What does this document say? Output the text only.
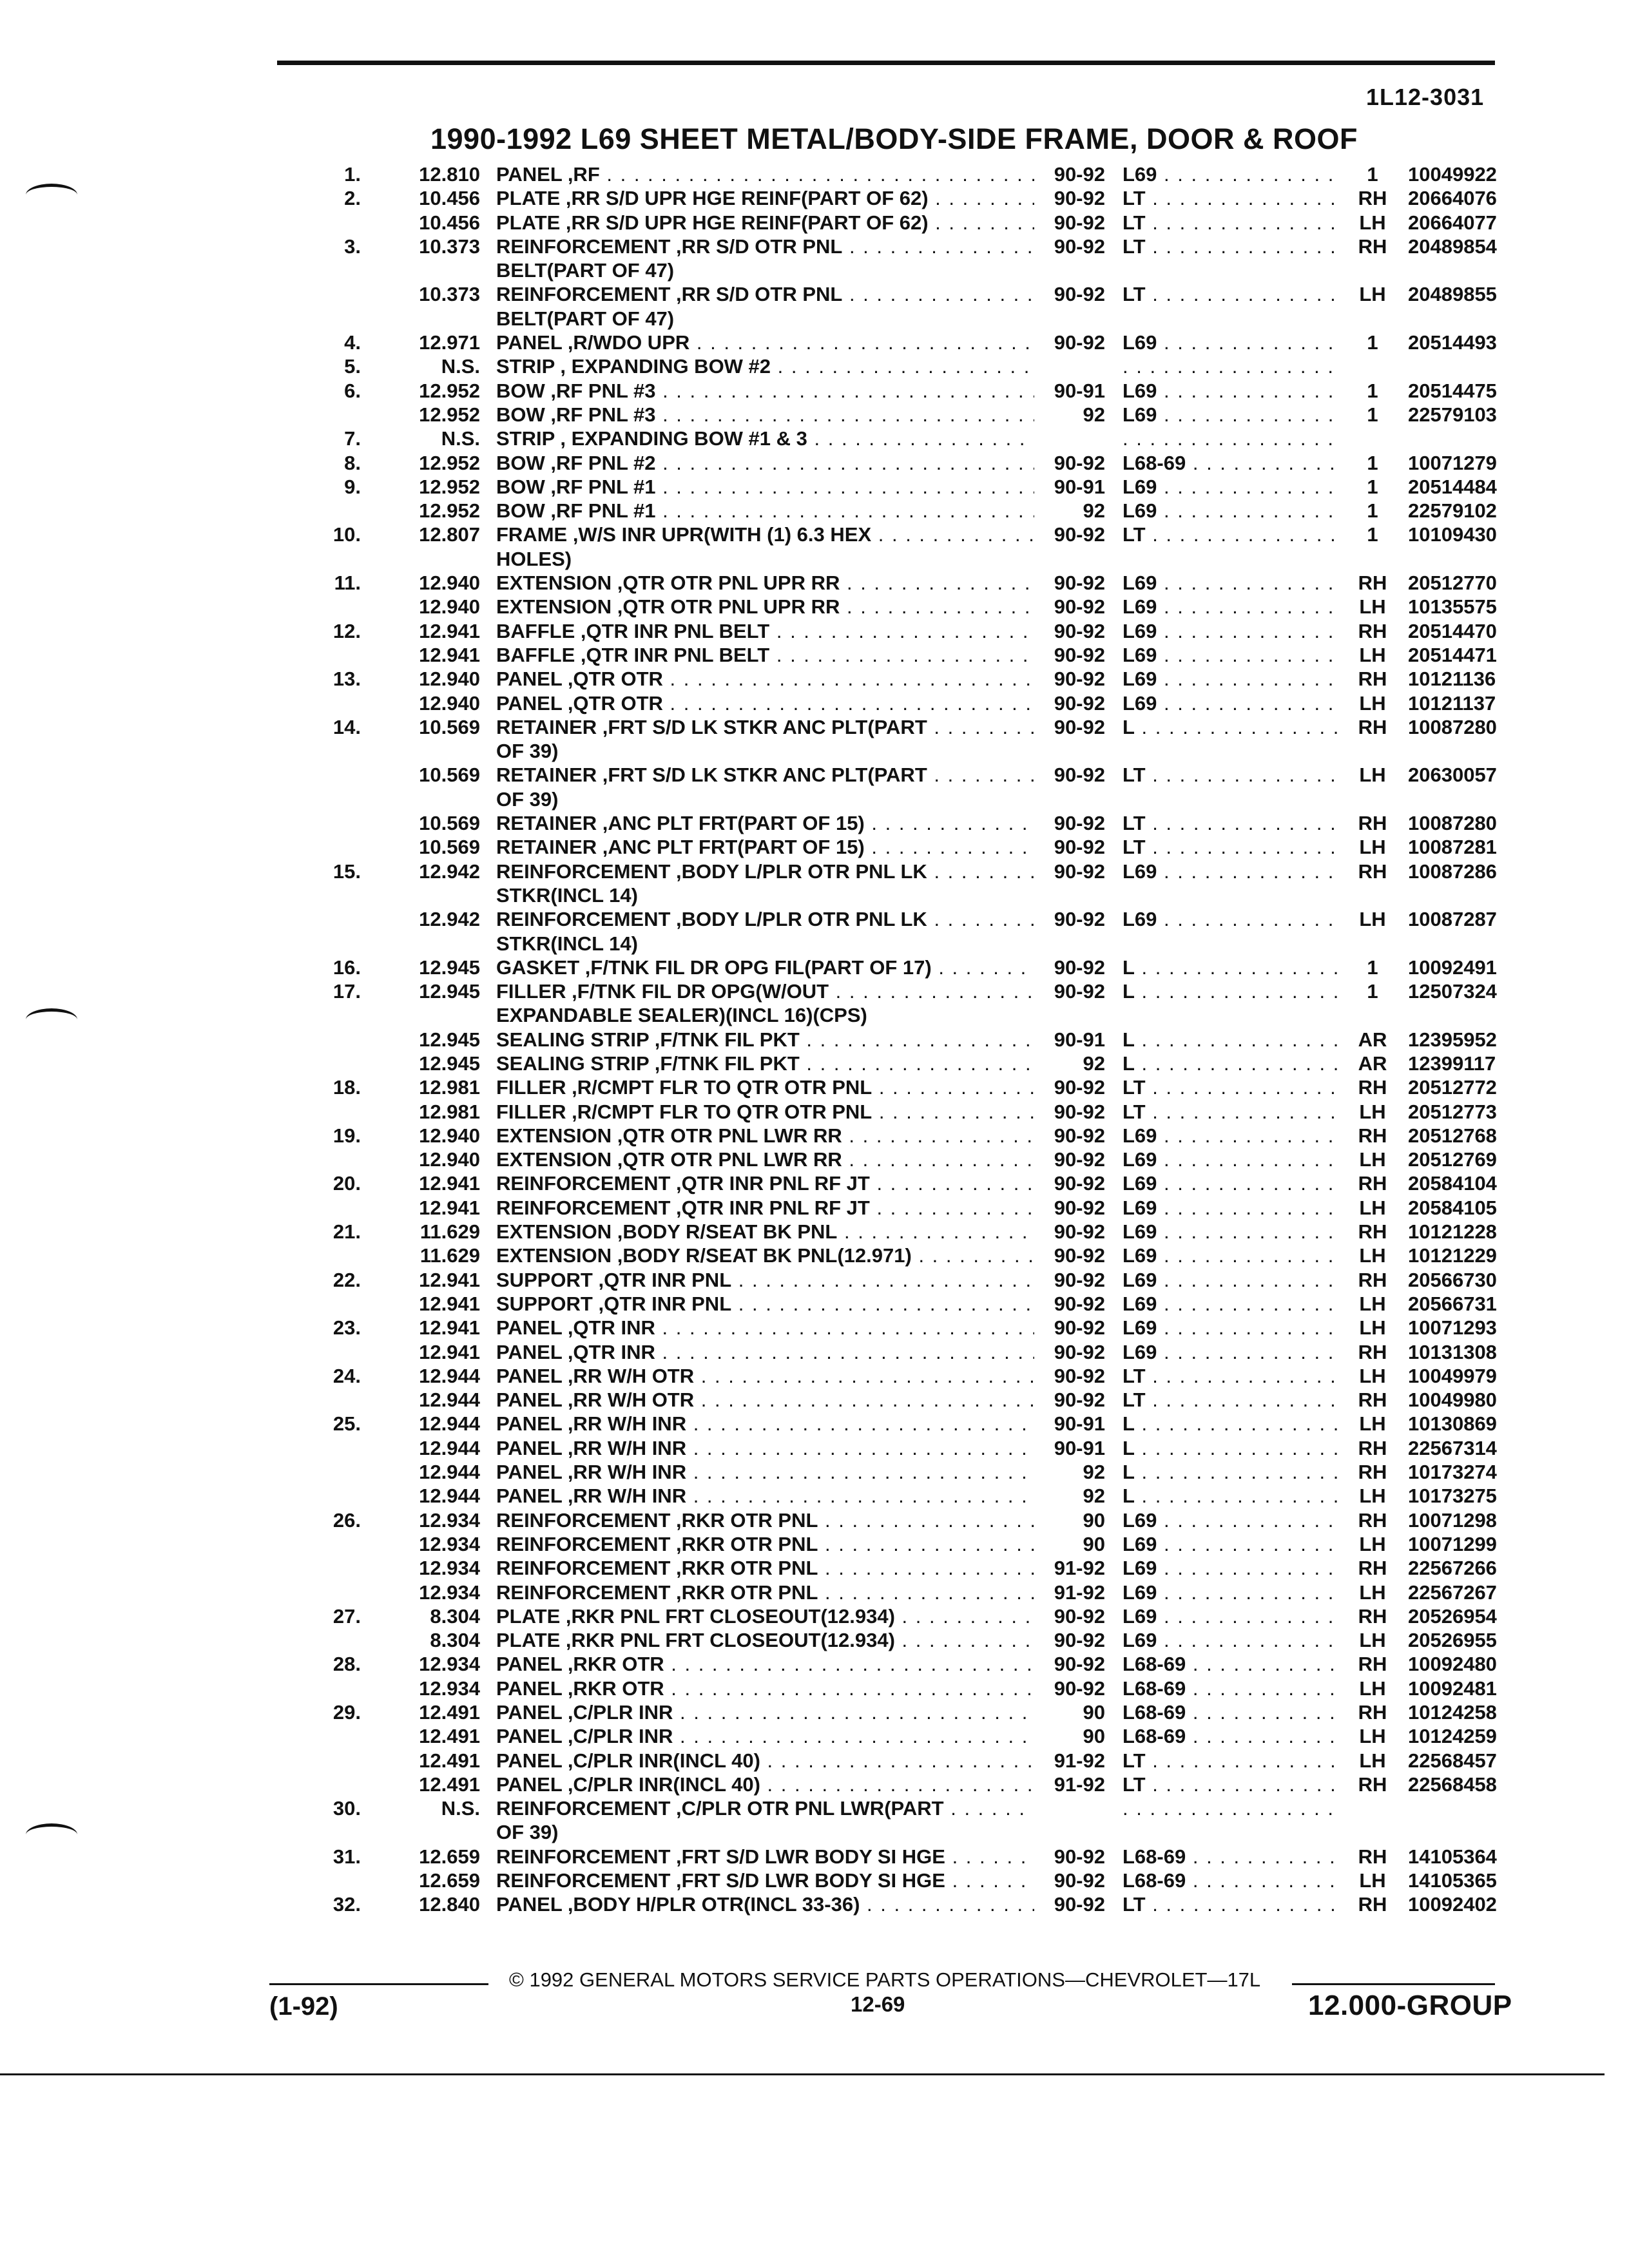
1L12-3031
1990-1992 L69 SHEET METAL/BODY-SIDE FRAME, DOOR & ROOF
1.	12.810 PANEL ,RF . . .	90-92 L69 . . .	1	10049922
2.	10.456 PLATE ,RR S/D UPR HGE REINF(PART OF 62) . . .	90-92 LT . . .	RH	20664076
10.456 PLATE ,RR S/D UPR HGE REINF(PART OF 62) . . .	90-92 LT . . .	LH	20664077
3.	10.373 REINFORCEMENT ,RR S/D OTR PNL . . .	90-92 LT . . .	RH	20489854
BELT(PART OF 47)
10.373 REINFORCEMENT ,RR S/D OTR PNL . . .	90-92 LT . . .	LH	20489855
BELT(PART OF 47)
4.	12.971 PANEL ,R/WDO UPR . . .	90-92 L69 . . .	1	20514493
5.	N.S. STRIP , EXPANDING BOW #2 . . .
. . .
6.	12.952 BOW ,RF PNL #3 . . .	90-91 L69 . . .	1	20514475
12.952 BOW ,RF PNL #3 . . .	92 L69 . . .	1	22579103
7.	N.S. STRIP , EXPANDING BOW #1 & 3 . . .
. . .
8.	12.952 BOW ,RF PNL #2 . . .	90-92 L68-69 . . .	1	10071279
9.	12.952 BOW ,RF PNL #1 . . .	90-91 L69 . . .	1	20514484
12.952 BOW ,RF PNL #1 . . .	92 L69 . . .	1	22579102
10.	12.807 FRAME ,W/S INR UPR(WITH (1) 6.3 HEX . . .	90-92 LT . . .	1	10109430
HOLES)
11.	12.940 EXTENSION ,QTR OTR PNL UPR RR . . .	90-92 L69 . . .	RH	20512770
12.940 EXTENSION ,QTR OTR PNL UPR RR . . .	90-92 L69 . . .	LH	10135575
12.	12.941 BAFFLE ,QTR INR PNL BELT . . .	90-92 L69 . . .	RH	20514470
12.941 BAFFLE ,QTR INR PNL BELT . . .	90-92 L69 . . .	LH	20514471
13.	12.940 PANEL ,QTR OTR . . .	90-92 L69 . . .	RH	10121136
12.940 PANEL ,QTR OTR . . .	90-92 L69 . . .	LH	10121137
14.	10.569 RETAINER ,FRT S/D LK STKR ANC PLT(PART . . .	90-92 L . . .	RH	10087280
OF 39)
10.569 RETAINER ,FRT S/D LK STKR ANC PLT(PART . . .	90-92 LT . . .	LH	20630057
OF 39)
10.569 RETAINER ,ANC PLT FRT(PART OF 15) . . .	90-92 LT . . .	RH	10087280
10.569 RETAINER ,ANC PLT FRT(PART OF 15) . . .	90-92 LT . . .	LH	10087281
15.	12.942 REINFORCEMENT ,BODY L/PLR OTR PNL LK . . .	90-92 L69 . . .	RH	10087286
STKR(INCL 14)
12.942 REINFORCEMENT ,BODY L/PLR OTR PNL LK . . .	90-92 L69 . . .	LH	10087287
STKR(INCL 14)
16.	12.945 GASKET ,F/TNK FIL DR OPG FIL(PART OF 17) . . .	90-92 L . . .	1	10092491
17.	12.945 FILLER ,F/TNK FIL DR OPG(W/OUT . . .	90-92 L . . .	1	12507324
EXPANDABLE SEALER)(INCL 16)(CPS)
12.945 SEALING STRIP ,F/TNK FIL PKT . . .	90-91 L . . .	AR	12395952
12.945 SEALING STRIP ,F/TNK FIL PKT . . .	92 L . . .	AR	12399117
18.	12.981 FILLER ,R/CMPT FLR TO QTR OTR PNL . . .	90-92 LT . . .	RH	20512772
12.981 FILLER ,R/CMPT FLR TO QTR OTR PNL . . .	90-92 LT . . .	LH	20512773
19.	12.940 EXTENSION ,QTR OTR PNL LWR RR . . .	90-92 L69 . . .	RH	20512768
12.940 EXTENSION ,QTR OTR PNL LWR RR . . .	90-92 L69 . . .	LH	20512769
20.	12.941 REINFORCEMENT ,QTR INR PNL RF JT . . .	90-92 L69 . . .	RH	20584104
12.941 REINFORCEMENT ,QTR INR PNL RF JT . . .	90-92 L69 . . .	LH	20584105
21.	11.629 EXTENSION ,BODY R/SEAT BK PNL . . .	90-92 L69 . . .	RH	10121228
11.629 EXTENSION ,BODY R/SEAT BK PNL(12.971) . . .	90-92 L69 . . .	LH	10121229
22.	12.941 SUPPORT ,QTR INR PNL . . .	90-92 L69 . . .	RH	20566730
12.941 SUPPORT ,QTR INR PNL . . .	90-92 L69 . . .	LH	20566731
23.	12.941 PANEL ,QTR INR . . .	90-92 L69 . . .	LH	10071293
12.941 PANEL ,QTR INR . . .	90-92 L69 . . .	RH	10131308
24.	12.944 PANEL ,RR W/H OTR . . .	90-92 LT . . .	LH	10049979
12.944 PANEL ,RR W/H OTR . . .	90-92 LT . . .	RH	10049980
25.	12.944 PANEL ,RR W/H INR . . .	90-91 L . . .	LH	10130869
12.944 PANEL ,RR W/H INR . . .	90-91 L . . .	RH	22567314
12.944 PANEL ,RR W/H INR . . .	92 L . . .	RH	10173274
12.944 PANEL ,RR W/H INR . . .	92 L . . .	LH	10173275
26.	12.934 REINFORCEMENT ,RKR OTR PNL . . .	90 L69 . . .	RH	10071298
12.934 REINFORCEMENT ,RKR OTR PNL . . .	90 L69 . . .	LH	10071299
12.934 REINFORCEMENT ,RKR OTR PNL . . .	91-92 L69 . . .	RH	22567266
12.934 REINFORCEMENT ,RKR OTR PNL . . .	91-92 L69 . . .	LH	22567267
27.	8.304 PLATE ,RKR PNL FRT CLOSEOUT(12.934) . . .	90-92 L69 . . .	RH	20526954
8.304 PLATE ,RKR PNL FRT CLOSEOUT(12.934) . . .	90-92 L69 . . .	LH	20526955
28.	12.934 PANEL ,RKR OTR . . .	90-92 L68-69 . . .	RH	10092480
12.934 PANEL ,RKR OTR . . .	90-92 L68-69 . . .	LH	10092481
29.	12.491 PANEL ,C/PLR INR . . .	90 L68-69 . . .	RH	10124258
12.491 PANEL ,C/PLR INR . . .	90 L68-69 . . .	LH	10124259
12.491 PANEL ,C/PLR INR(INCL 40) . . .	91-92 LT . . .	LH	22568457
12.491 PANEL ,C/PLR INR(INCL 40) . . .	91-92 LT . . .	RH	22568458
30.	N.S. REINFORCEMENT ,C/PLR OTR PNL LWR(PART . . .
. . .
OF 39)
31.	12.659 REINFORCEMENT ,FRT S/D LWR BODY SI HGE . . .	90-92 L68-69 . . .	RH	14105364
12.659 REINFORCEMENT ,FRT S/D LWR BODY SI HGE . . .	90-92 L68-69 . . .	LH	14105365
32.	12.840 PANEL ,BODY H/PLR OTR(INCL 33-36) . . .	90-92 LT . . .	RH	10092402
© 1992 GENERAL MOTORS SERVICE PARTS OPERATIONS—CHEVROLET—17L
(1-92)	12-69	12.000-GROUP
